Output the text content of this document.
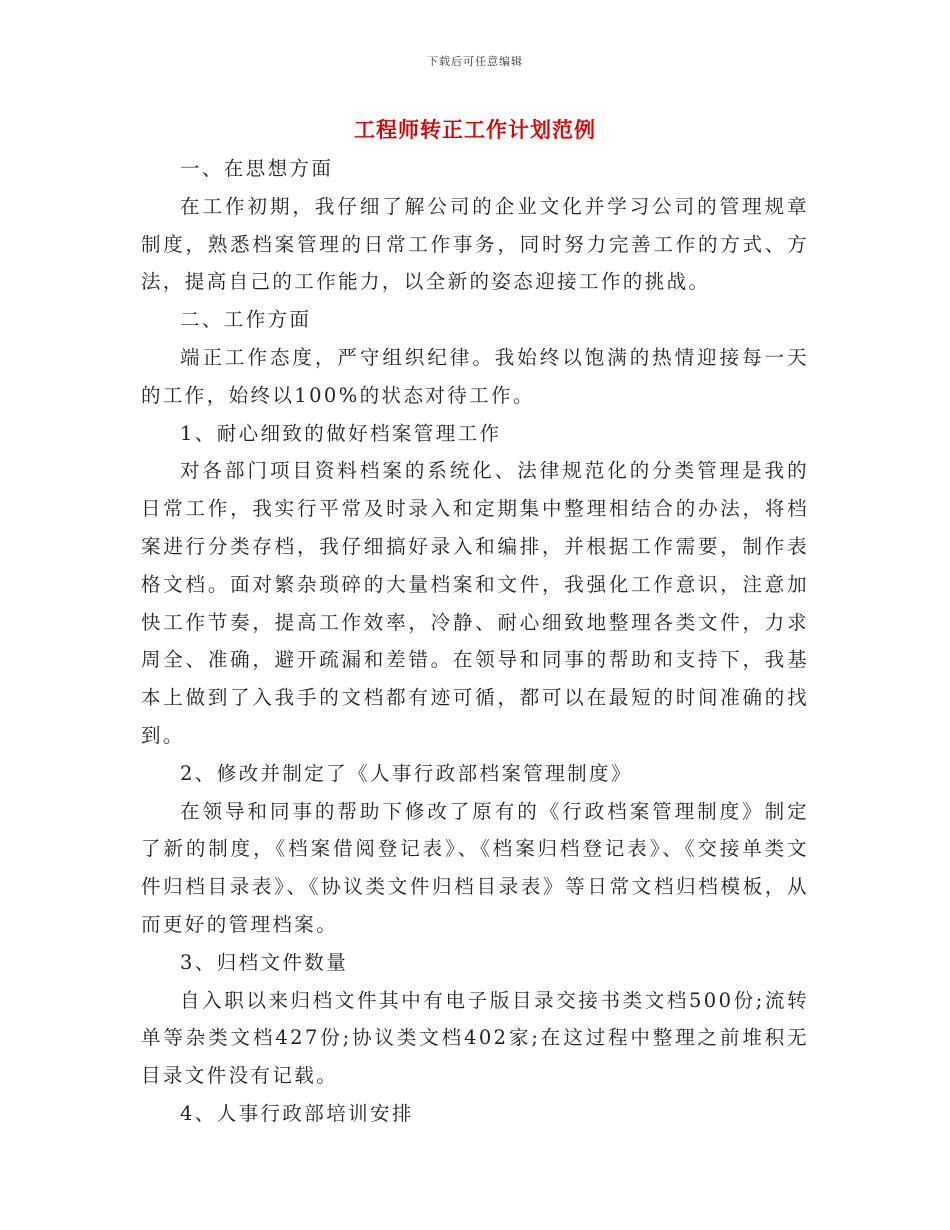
下载后可任意编辑
工程师转正工作计划范例

一、在思想方面

在工作初期，我仔细了解公司的企业文化并学习公司的管理规章制度，熟悉档案管理的日常工作事务，同时努力完善工作的方式、方法，提高自己的工作能力，以全新的姿态迎接工作的挑战。

二、工作方面

端正工作态度，严守组织纪律。我始终以饱满的热情迎接每一天的工作，始终以100%的状态对待工作。

1、耐心细致的做好档案管理工作

对各部门项目资料档案的系统化、法律规范化的分类管理是我的日常工作，我实行平常及时录入和定期集中整理相结合的办法，将档案进行分类存档，我仔细搞好录入和编排，并根据工作需要，制作表格文档。面对繁杂琐碎的大量档案和文件，我强化工作意识，注意加快工作节奏，提高工作效率，冷静、耐心细致地整理各类文件，力求周全、准确，避开疏漏和差错。在领导和同事的帮助和支持下，我基本上做到了入我手的文档都有迹可循，都可以在最短的时间准确的找到。

2、修改并制定了《人事行政部档案管理制度》

在领导和同事的帮助下修改了原有的《行政档案管理制度》制定了新的制度，《档案借阅登记表》、《档案归档登记表》、《交接单类文件归档目录表》、《协议类文件归档目录表》等日常文档归档模板，从而更好的管理档案。

3、归档文件数量

自入职以来归档文件其中有电子版目录交接书类文档500份;流转单等杂类文档427份;协议类文档402家;在这过程中整理之前堆积无目录文件没有记载。

4、人事行政部培训安排
